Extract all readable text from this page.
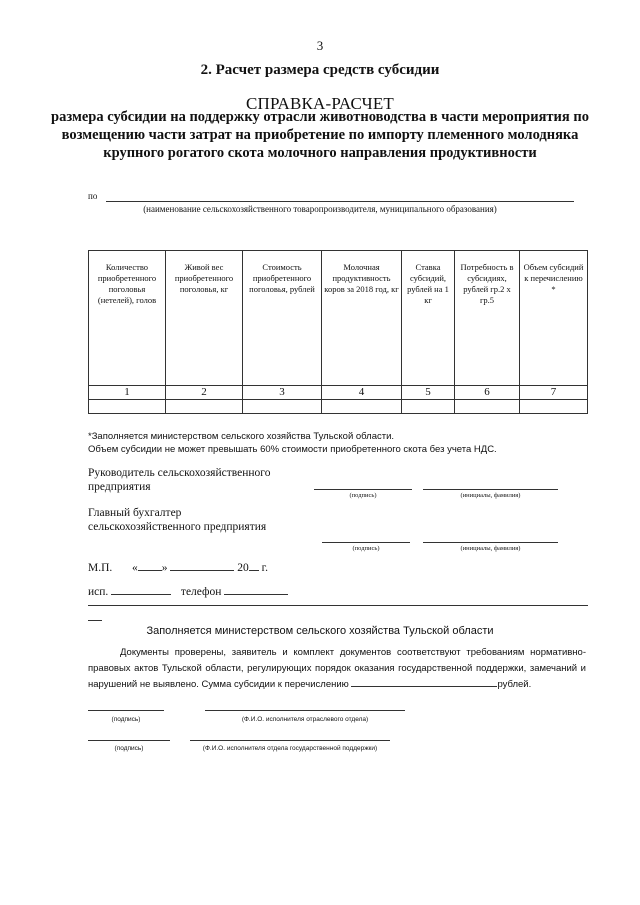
3
2. Расчет размера средств субсидии
СПРАВКА-РАСЧЕТ
размера субсидии на поддержку отрасли животноводства в части мероприятия по возмещению части затрат на приобретение по импорту племенного молодняка крупного рогатого скота молочного направления продуктивности
по
(наименование сельскохозяйственного товаропроизводителя, муниципального образования)
Количество приобретенного поголовья (нетелей), голов	Живой вес приобретенного поголовья, кг	Стоимость приобретенного поголовья, рублей	Молочная продуктивность коров за 2018 год, кг	Ставка субсидий, рублей на 1 кг	Потребность в субсидиях, рублей гр.2 х гр.5	Объем субсидий к перечислению *
1	2	3	4	5	6	7

*Заполняется министерством сельского хозяйства Тульской области.
Объем субсидии не может превышать 60% стоимости приобретенного скота без учета НДС.
Руководитель сельскохозяйственного предприятия
(подпись)	(инициалы, фамилия)
Главный бухгалтер сельскохозяйственного предприятия
(подпись)	(инициалы, фамилия)
М.П. « »	20 г.
исп.	телефон
Заполняется министерством сельского хозяйства Тульской области
Документы проверены, заявитель и комплект документов соответствуют требованиям нормативно-правовых актов Тульской области, регулирующих порядок оказания государственной поддержки, замечаний и нарушений не выявлено. Сумма субсидии к перечислению	рублей.
(подпись)	(Ф.И.О. исполнителя отраслевого отдела)
(подпись)	(Ф.И.О. исполнителя отдела государственной поддержки)
